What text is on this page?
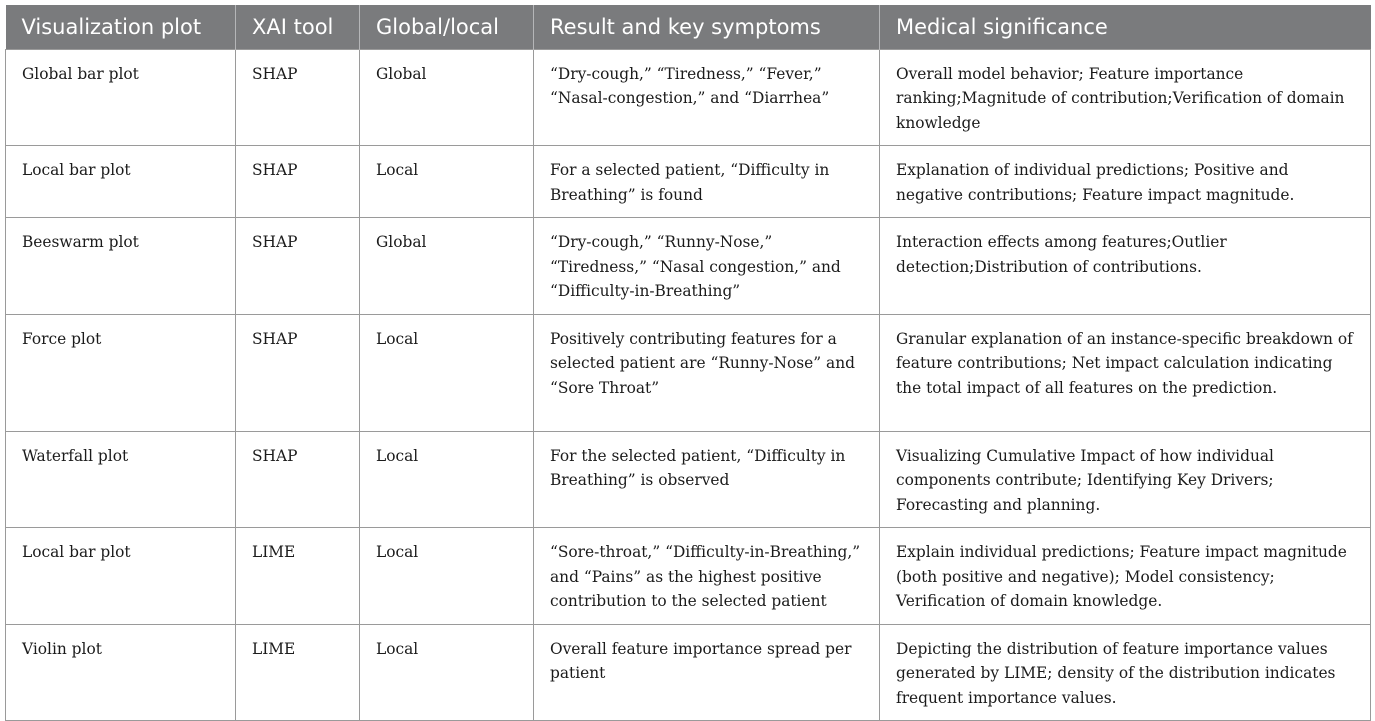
Visualization plot	XAI tool	Global/local	Result and key symptoms	Medical significance
Global bar plot	SHAP	Global	“Dry-cough,” “Tiredness,” “Fever,” “Nasal-congestion,” and “Diarrhea”	Overall model behavior; Feature importance ranking;Magnitude of contribution;Verification of domain knowledge
Local bar plot	SHAP	Local	For a selected patient, “Difficulty in Breathing” is found	Explanation of individual predictions; Positive and negative contributions; Feature impact magnitude.
Beeswarm plot	SHAP	Global	“Dry-cough,” “Runny-Nose,” “Tiredness,” “Nasal congestion,” and “Difficulty-in-Breathing”	Interaction effects among features;Outlier detection;Distribution of contributions.
Force plot	SHAP	Local	Positively contributing features for a selected patient are “Runny-Nose” and “Sore Throat”	Granular explanation of an instance-specific breakdown of feature contributions; Net impact calculation indicating the total impact of all features on the prediction.
Waterfall plot	SHAP	Local	For the selected patient, “Difficulty in Breathing” is observed	Visualizing Cumulative Impact of how individual components contribute; Identifying Key Drivers; Forecasting and planning.
Local bar plot	LIME	Local	“Sore-throat,” “Difficulty-in-Breathing,” and “Pains” as the highest positive contribution to the selected patient	Explain individual predictions; Feature impact magnitude (both positive and negative); Model consistency; Verification of domain knowledge.
Violin plot	LIME	Local	Overall feature importance spread per patient	Depicting the distribution of feature importance values generated by LIME; density of the distribution indicates frequent importance values.
